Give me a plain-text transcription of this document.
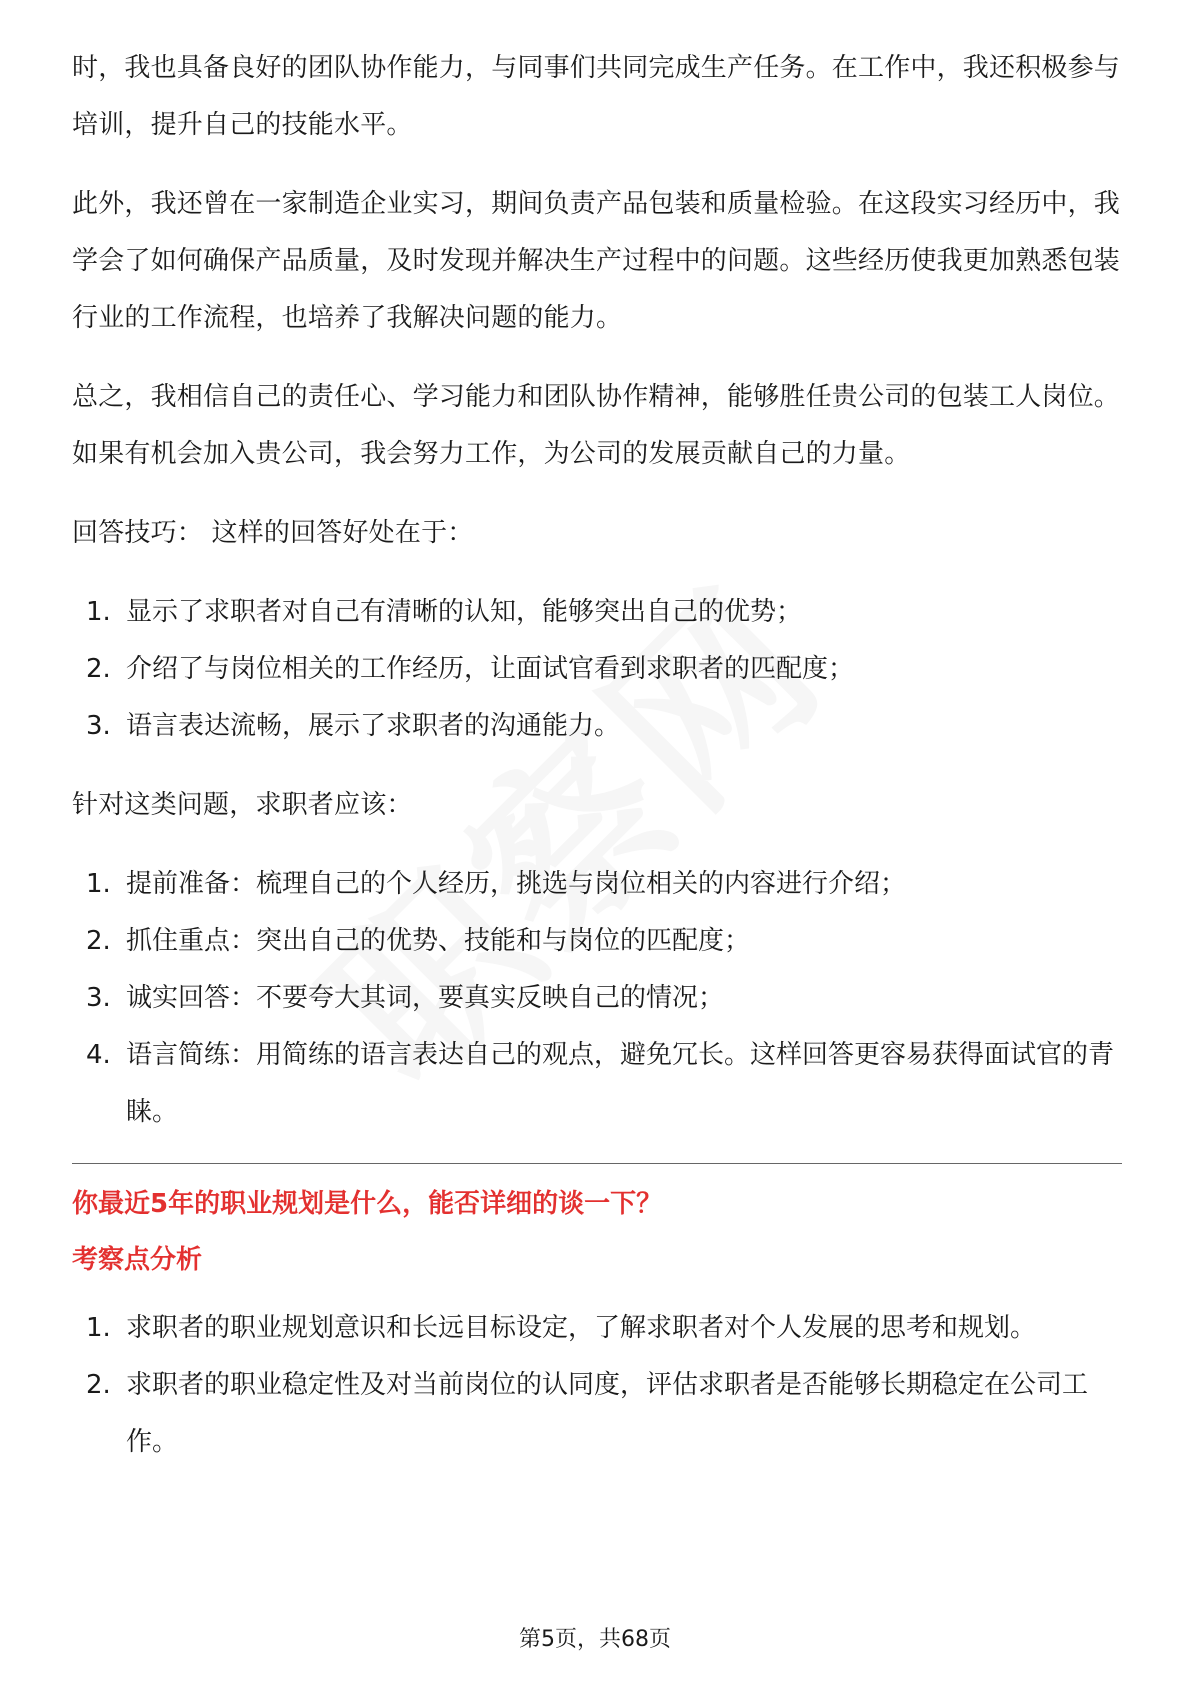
时，我也具备良好的团队协作能力，与同事们共同完成生产任务。在工作中，我还积极参与培训，提升自己的技能水平。

此外，我还曾在一家制造企业实习，期间负责产品包装和质量检验。在这段实习经历中，我学会了如何确保产品质量，及时发现并解决生产过程中的问题。这些经历使我更加熟悉包装行业的工作流程，也培养了我解决问题的能力。

总之，我相信自己的责任心、学习能力和团队协作精神，能够胜任贵公司的包装工人岗位。如果有机会加入贵公司，我会努力工作，为公司的发展贡献自己的力量。

回答技巧： 这样的回答好处在于：

1. 显示了求职者对自己有清晰的认知，能够突出自己的优势；
2. 介绍了与岗位相关的工作经历，让面试官看到求职者的匹配度；
3. 语言表达流畅，展示了求职者的沟通能力。

针对这类问题，求职者应该：

1. 提前准备：梳理自己的个人经历，挑选与岗位相关的内容进行介绍；
2. 抓住重点：突出自己的优势、技能和与岗位的匹配度；
3. 诚实回答：不要夸大其词，要真实反映自己的情况；
4. 语言简练：用简练的语言表达自己的观点，避免冗长。这样回答更容易获得面试官的青睐。

你最近5年的职业规划是什么，能否详细的谈一下？

考察点分析

1. 求职者的职业规划意识和长远目标设定，了解求职者对个人发展的思考和规划。
2. 求职者的职业稳定性及对当前岗位的认同度，评估求职者是否能够长期稳定在公司工作。
第5页，共68页
